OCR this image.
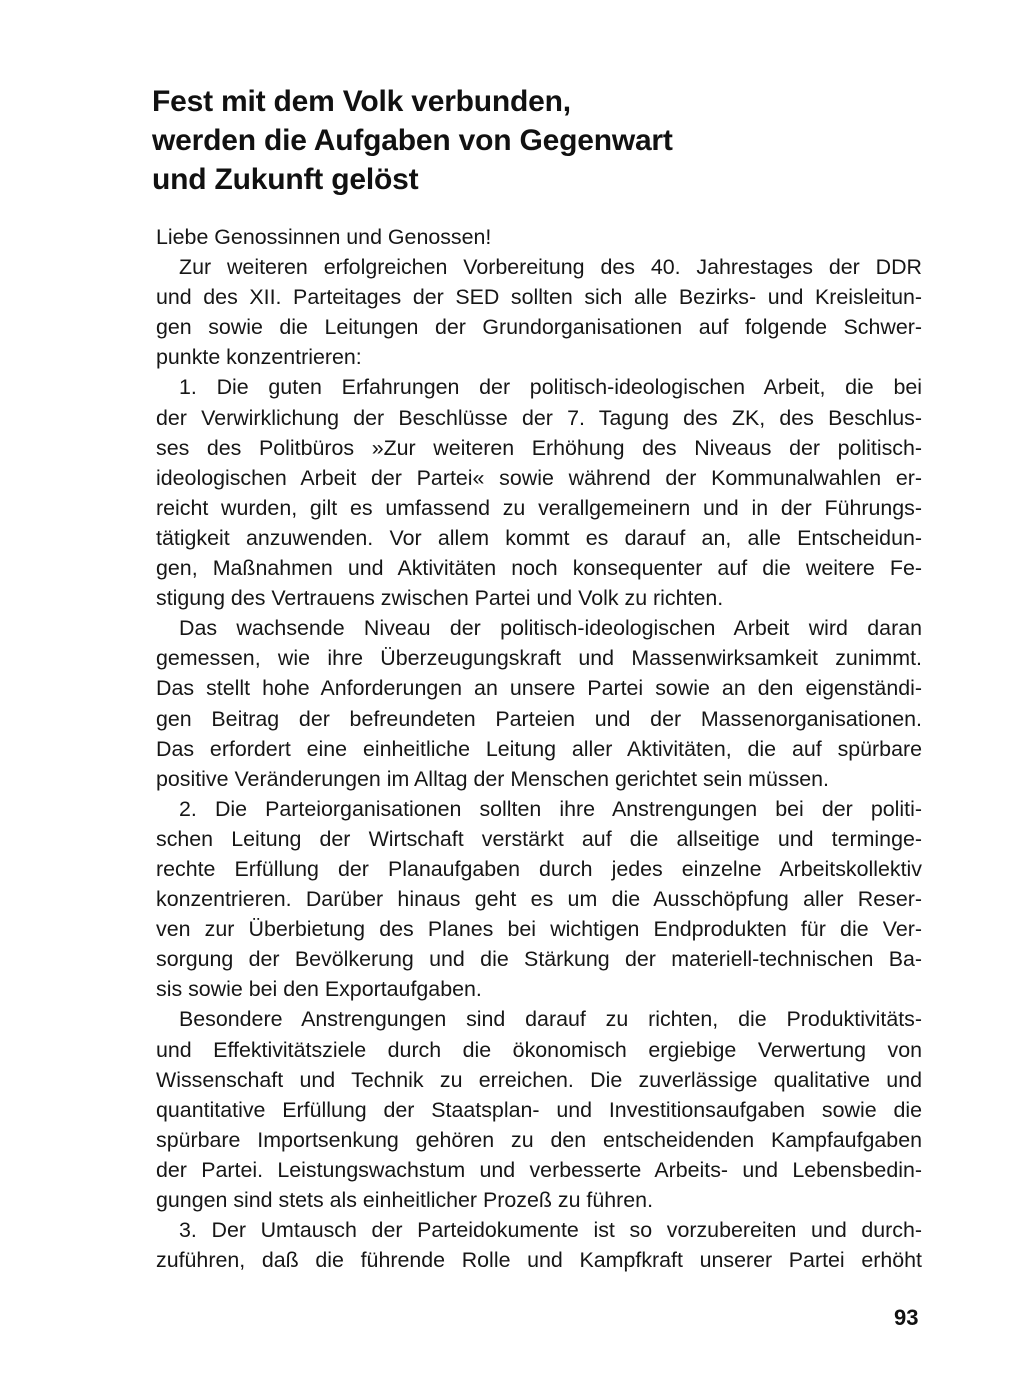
Fest mit dem Volk verbunden,
werden die Aufgaben von Gegenwart
und Zukunft gelöst
Liebe Genossinnen und Genossen!
Zur weiteren erfolgreichen Vorbereitung des 40. Jahrestages der DDR
und des XII. Parteitages der SED sollten sich alle Bezirks- und Kreisleitun-
gen sowie die Leitungen der Grundorganisationen auf folgende Schwer-
punkte konzentrieren:
1. Die guten Erfahrungen der politisch-ideologischen Arbeit, die bei
der Verwirklichung der Beschlüsse der 7. Tagung des ZK, des Beschlus-
ses des Politbüros »Zur weiteren Erhöhung des Niveaus der politisch-
ideologischen Arbeit der Partei« sowie während der Kommunalwahlen er-
reicht wurden, gilt es umfassend zu verallgemeinern und in der Führungs-
tätigkeit anzuwenden. Vor allem kommt es darauf an, alle Entscheidun-
gen, Maßnahmen und Aktivitäten noch konsequenter auf die weitere Fe-
stigung des Vertrauens zwischen Partei und Volk zu richten.
Das wachsende Niveau der politisch-ideologischen Arbeit wird daran
gemessen, wie ihre Überzeugungskraft und Massenwirksamkeit zunimmt.
Das stellt hohe Anforderungen an unsere Partei sowie an den eigenständi-
gen Beitrag der befreundeten Parteien und der Massenorganisationen.
Das erfordert eine einheitliche Leitung aller Aktivitäten, die auf spürbare
positive Veränderungen im Alltag der Menschen gerichtet sein müssen.
2. Die Parteiorganisationen sollten ihre Anstrengungen bei der politi-
schen Leitung der Wirtschaft verstärkt auf die allseitige und terminge-
rechte Erfüllung der Planaufgaben durch jedes einzelne Arbeitskollektiv
konzentrieren. Darüber hinaus geht es um die Ausschöpfung aller Reser-
ven zur Überbietung des Planes bei wichtigen Endprodukten für die Ver-
sorgung der Bevölkerung und die Stärkung der materiell-technischen Ba-
sis sowie bei den Exportaufgaben.
Besondere Anstrengungen sind darauf zu richten, die Produktivitäts-
und Effektivitätsziele durch die ökonomisch ergiebige Verwertung von
Wissenschaft und Technik zu erreichen. Die zuverlässige qualitative und
quantitative Erfüllung der Staatsplan- und Investitionsaufgaben sowie die
spürbare Importsenkung gehören zu den entscheidenden Kampfaufgaben
der Partei. Leistungswachstum und verbesserte Arbeits- und Lebensbedin-
gungen sind stets als einheitlicher Prozeß zu führen.
3. Der Umtausch der Parteidokumente ist so vorzubereiten und durch-
zuführen, daß die führende Rolle und Kampfkraft unserer Partei erhöht
93
